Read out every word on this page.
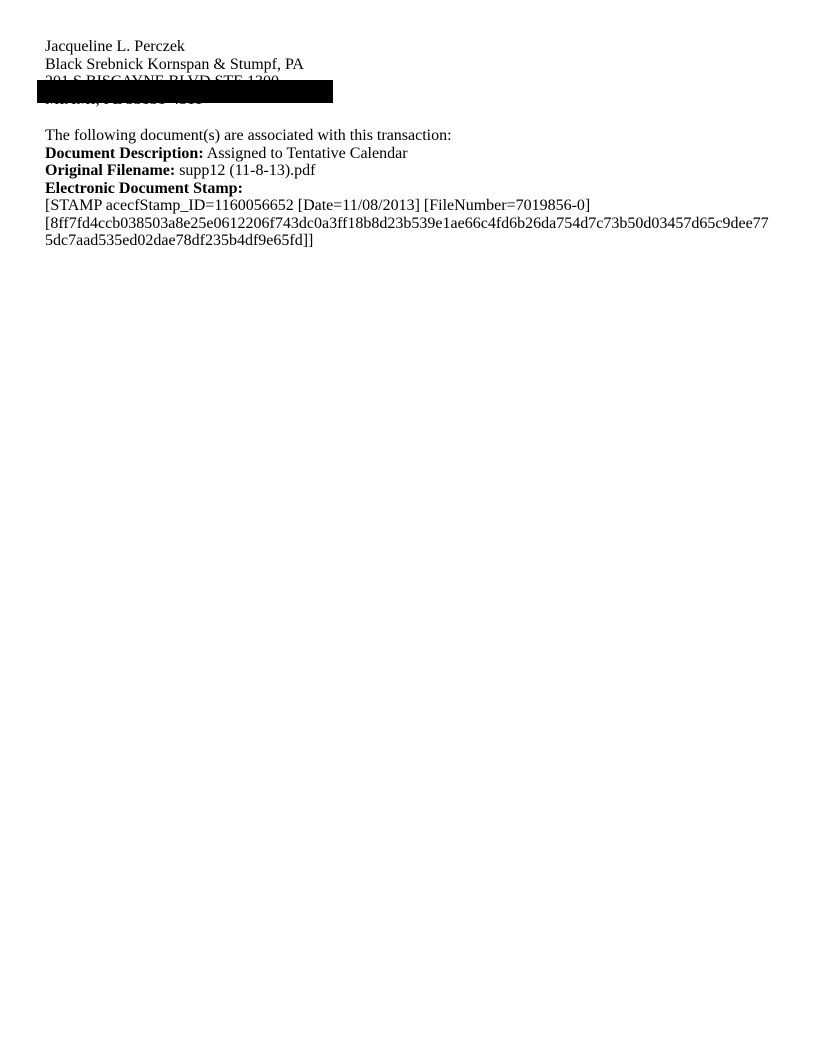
Jacqueline L. Perczek
Black Srebnick Kornspan & Stumpf, PA
The following document(s) are associated with this transaction:
Document Description: Assigned to Tentative Calendar
Original Filename: supp12 (11-8-13).pdf
Electronic Document Stamp:
[STAMP acecfStamp_ID=1160056652 [Date=11/08/2013] [FileNumber=7019856-0]
[8ff7fd4ccb038503a8e25e0612206f743dc0a3ff18b8d23b539e1ae66c4fd6b26da754d7c73b50d03457d65c9dee77
5dc7aad535ed02dae78df235b4df9e65fd]]
